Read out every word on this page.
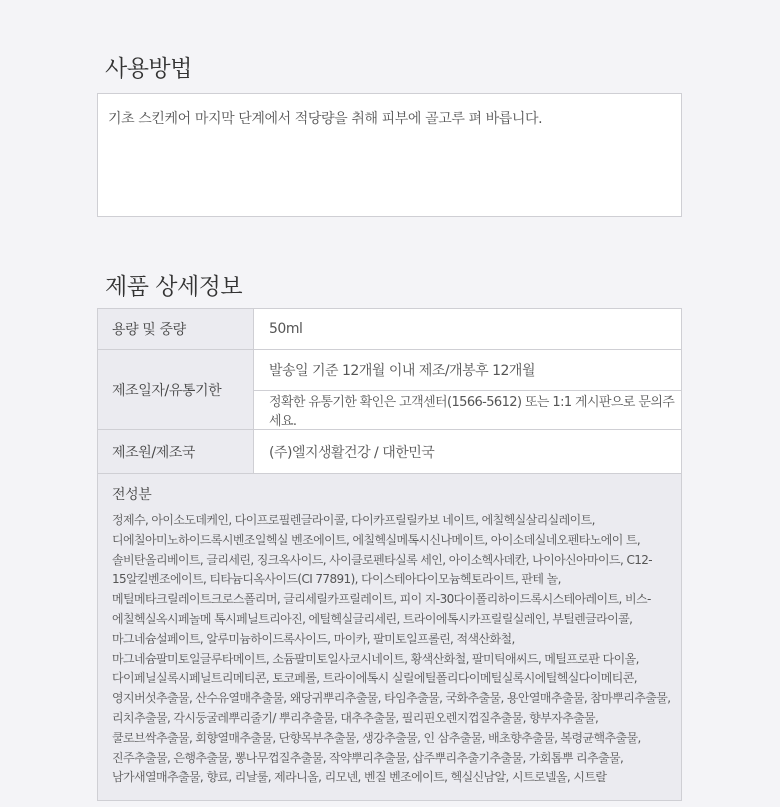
사용방법
기초 스킨케어 마지막 단계에서 적당량을 취해 피부에 골고루 펴 바릅니다.
제품 상세정보
용량 및 중량	50ml
제조일자/유통기한	발송일 기준 12개월 이내 제조/개봉후 12개월
	정확한 유통기한 확인은 고객센터(1566-5612) 또는 1:1 게시판으로 문의주세요.
제조원/제조국	(주)엘지생활건강 / 대한민국

전성분
정제수, 아이소도데케인, 다이프로필렌글라이콜, 다이카프릴릴카보 네이트, 에칠헥실살리실레이트, 디에칠아미노하이드록시벤조일헥실 벤조에이트, 에칠헥실메톡시신나메이트, 아이소데실네오펜타노에이 트, 솔비탄올리베이트, 글리세린, 징크옥사이드, 사이클로펜타실록 세인, 아이소헥사데칸, 나이아신아마이드, C12-15알킬벤조에이트, 티타늄디옥사이드(CI 77891), 다이스테아다이모늄헥토라이트, 판테 놀, 메틸메타크릴레이트크로스폴리머, 글리세릴카프릴레이트, 피이 지-30다이폴리하이드록시스테아레이트, 비스-에칠헥실옥시페놀메 톡시페닐트리아진, 에틸헥실글리세린, 트라이에톡시카프릴릴실레인, 부틸렌글라이콜, 마그네슘설페이트, 알루미늄하이드록사이드, 마이카, 팔미토일프롤린, 적색산화철, 마그네슘팔미토일글루타메이트, 소듐팔미토일사코시네이트, 황색산화철, 팔미틱애씨드, 메틸프로판 다이올, 다이페닐실록시페닐트리메티콘, 토코페롤, 트라이에톡시 실릴에틸폴리다이메틸실록시에틸헥실다이메티콘, 영지버섯추출물, 산수유열매추출물, 왜당귀뿌리추출물, 타임추출물, 국화추출물, 용안열매추출물, 참마뿌리추출물, 리치추출물, 각시둥굴레뿌리줄기/ 뿌리추출물, 대추추출물, 필리핀오렌지껍질추출물, 향부자추출물, 쿨로브싹추출물, 회향열매추출물, 단향목부추출물, 생강추출물, 인 삼추출물, 배초향추출물, 복령균핵추출물, 진주추출물, 은행추출물, 뽕나무껍질추출물, 작약뿌리추출물, 삽주뿌리추출기추출물, 가회톱뿌 리추출물, 남가새열매추출물, 향료, 리날룰, 제라니올, 리모넨, 벤질 벤조에이트, 헥실신남알, 시트로넬올, 시트랄	
